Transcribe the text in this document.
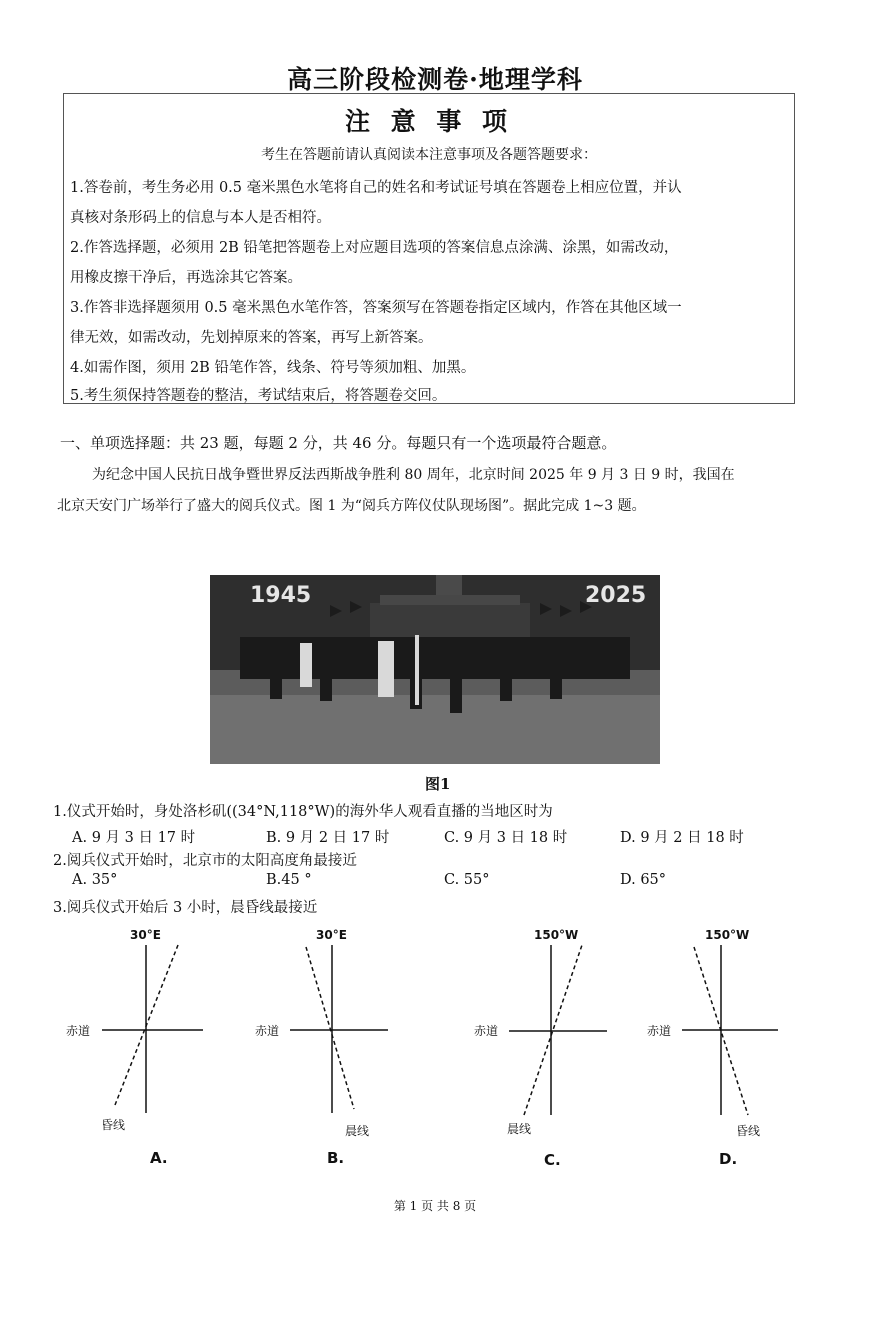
高三阶段检测卷·地理学科
注 意 事 项
考生在答题前请认真阅读本注意事项及各题答题要求：
1.答卷前，考生务必用 0.5 毫米黑色水笔将自己的姓名和考试证号填在答题卷上相应位置，并认
真核对条形码上的信息与本人是否相符。
2.作答选择题，必须用 2B 铅笔把答题卷上对应题目选项的答案信息点涂满、涂黑，如需改动，
用橡皮擦干净后，再选涂其它答案。
3.作答非选择题须用 0.5 毫米黑色水笔作答，答案须写在答题卷指定区域内，作答在其他区域一
律无效，如需改动，先划掉原来的答案，再写上新答案。
4.如需作图，须用 2B 铅笔作答，线条、符号等须加粗、加黑。
5.考生须保持答题卷的整洁，考试结束后，将答题卷交回。
一、单项选择题：共 23 题，每题 2 分，共 46 分。每题只有一个选项最符合题意。
为纪念中国人民抗日战争暨世界反法西斯战争胜利 80 周年，北京时间 2025 年 9 月 3 日 9 时，我国在
北京天安门广场举行了盛大的阅兵仪式。图 1 为“阅兵方阵仪仗队现场图”。据此完成 1~3 题。
1945	2025
图1
1.仪式开始时，身处洛杉矶((34°N,118°W)的海外华人观看直播的当地区时为
A. 9 月 3 日 17 时	B. 9 月 2 日 17 时	C. 9 月 3 日 18 时	D. 9 月 2 日 18 时
2.阅兵仪式开始时，北京市的太阳高度角最接近
A. 35°	B.45 °	C. 55°	D. 65°
3.阅兵仪式开始后 3 小时，晨昏线最接近
30°E
赤道
昏线
A.
30°E
赤道
晨线
B.
150°W
赤道
晨线
C.
150°W
赤道
昏线
D.
第 1 页 共 8 页
